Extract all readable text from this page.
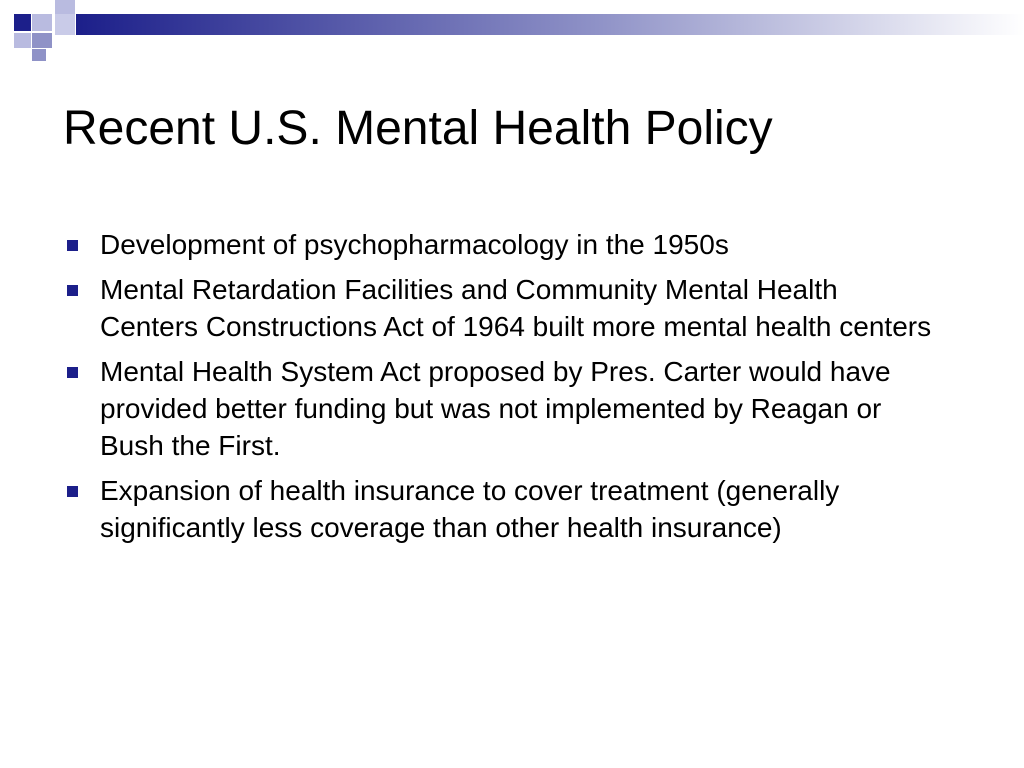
Recent U.S. Mental Health Policy
Development of psychopharmacology in the 1950s
Mental Retardation Facilities and Community Mental Health Centers Constructions Act of 1964 built more mental health centers
Mental Health System Act proposed by Pres. Carter would have provided better funding but was not implemented by Reagan or Bush the First.
Expansion of health insurance to cover treatment (generally significantly less coverage than other health insurance)
